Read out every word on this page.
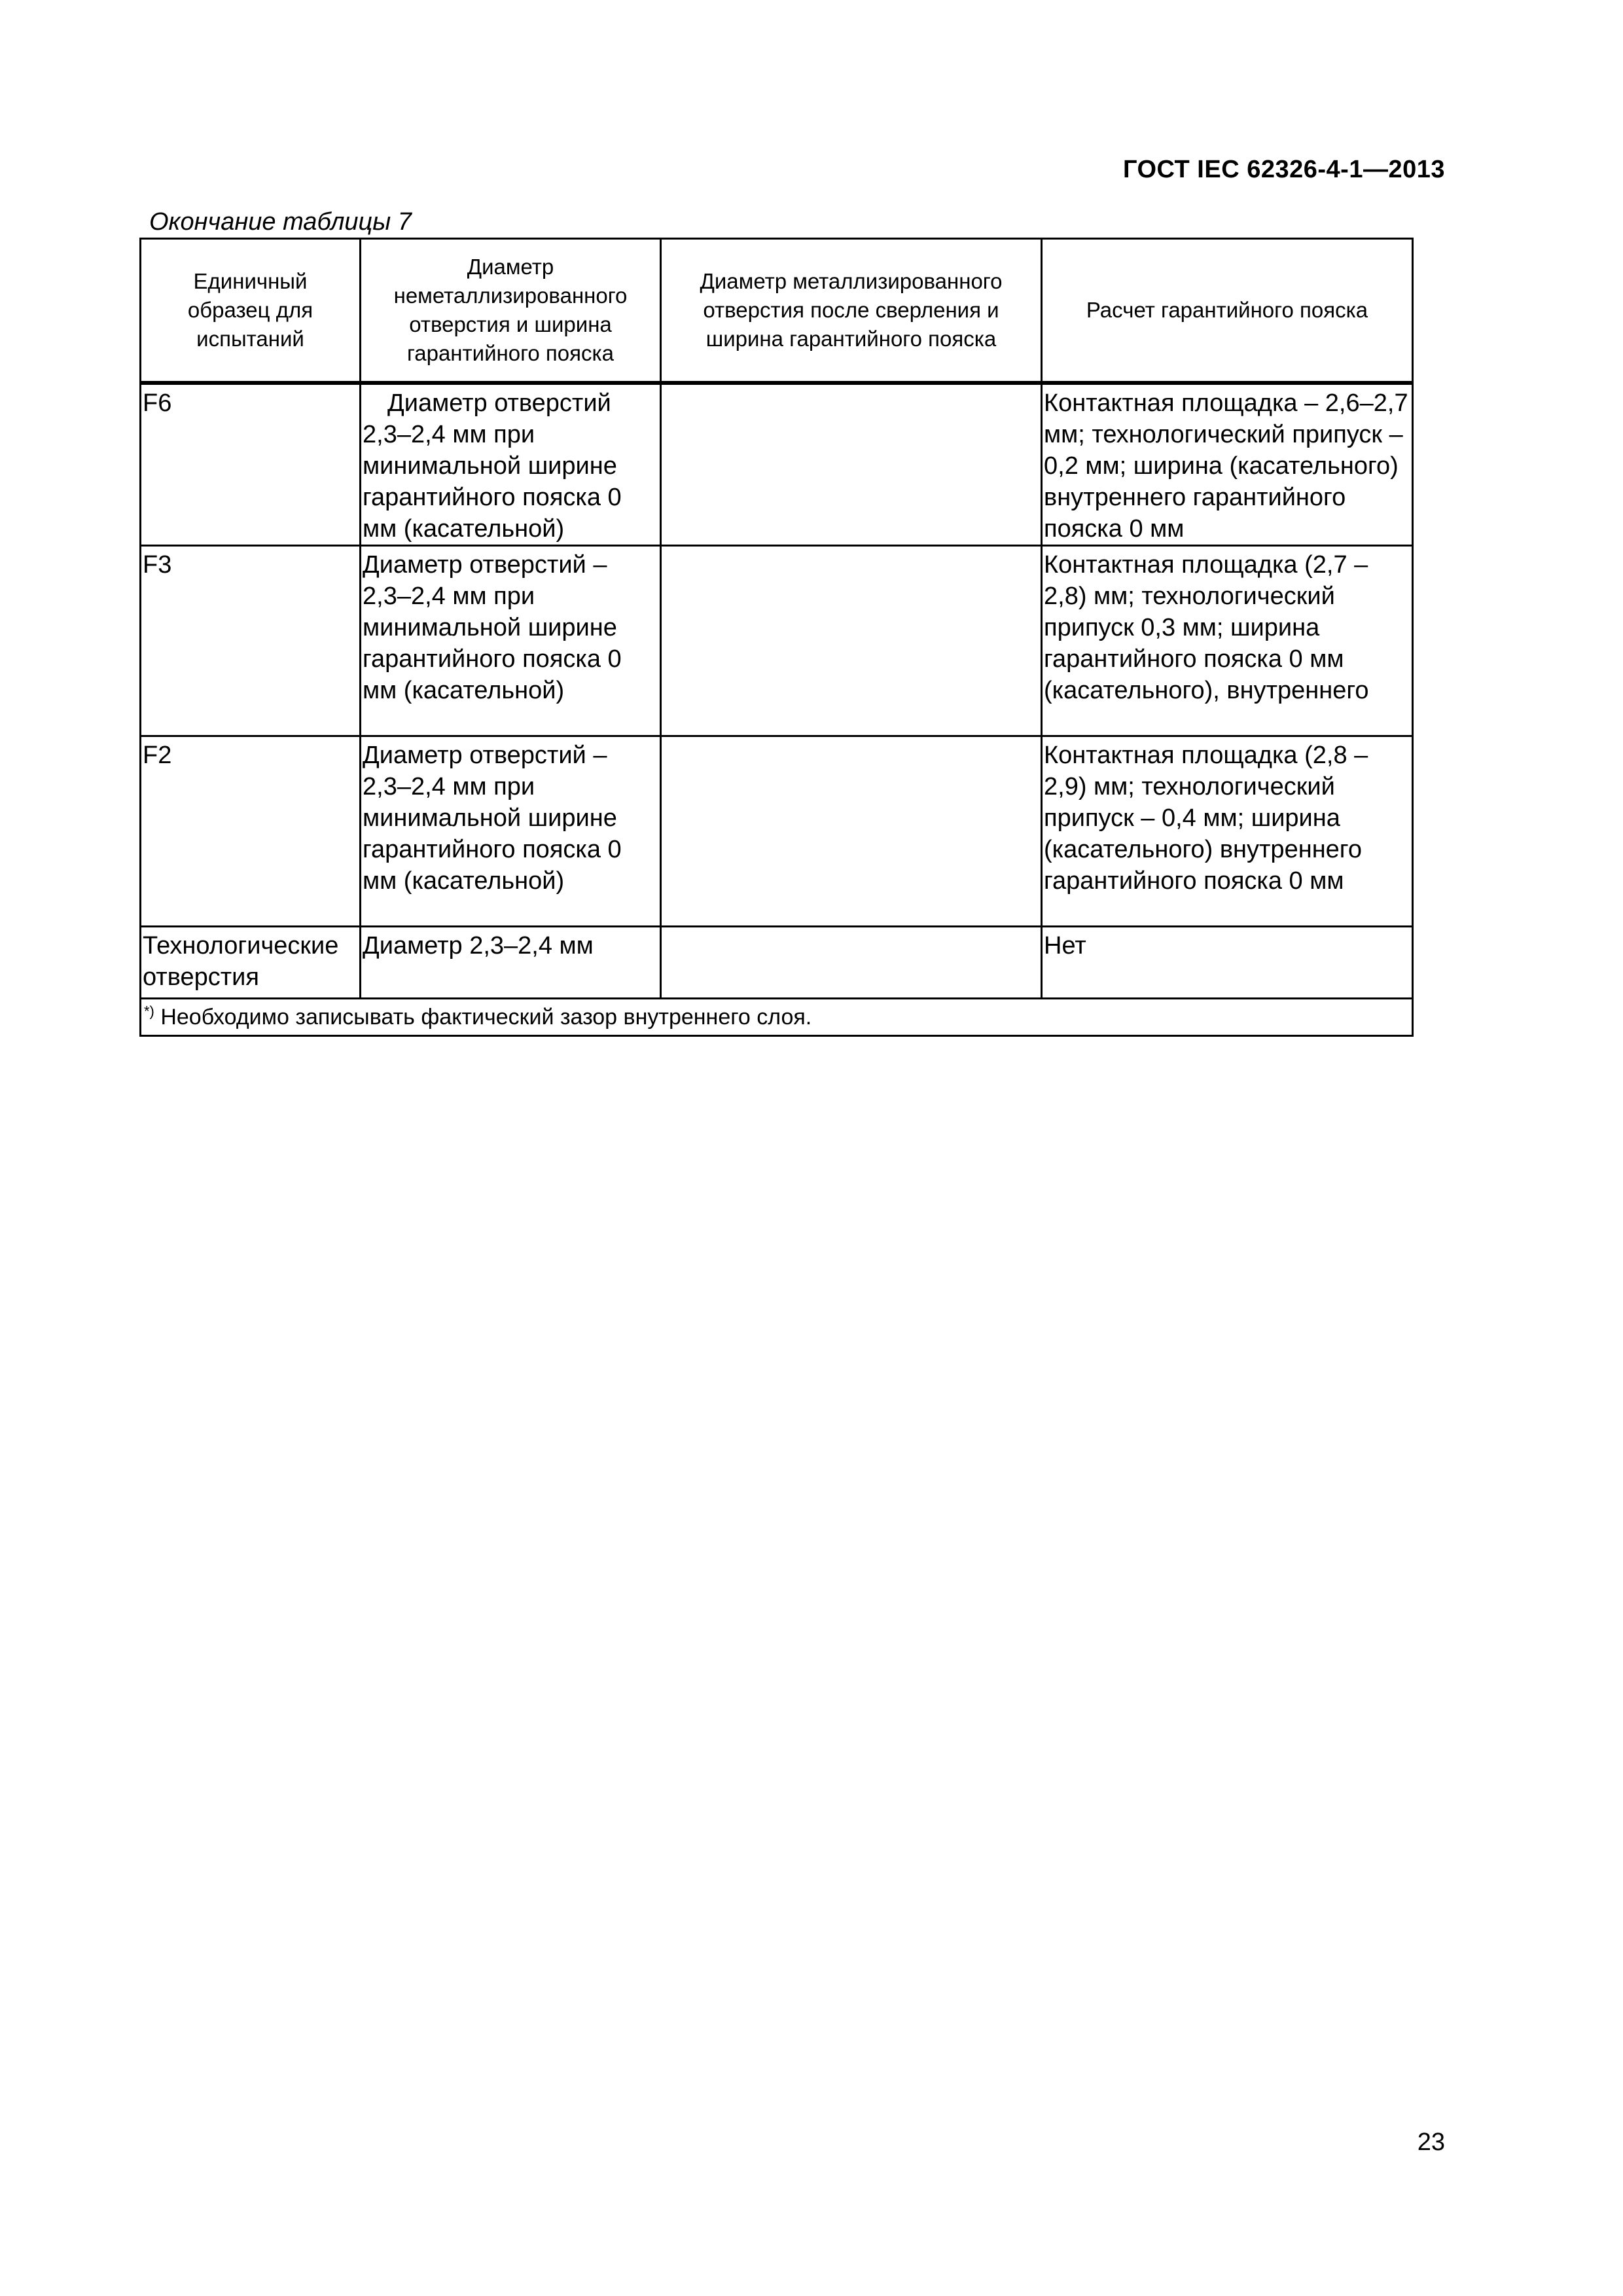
ГОСТ IEC 62326-4-1—2013
Окончание таблицы 7
Единичный образец для испытаний	Диаметр неметаллизированного отверстия и ширина гарантийного пояска	Диаметр металлизированного отверстия после сверления и ширина гарантийного пояска	Расчет гарантийного пояска
F6	Диаметр отверстий 2,3–2,4 мм при минимальной ширине гарантийного пояска 0 мм (касательной)		Контактная площадка – 2,6–2,7 мм; технологический припуск – 0,2 мм; ширина (касательного) внутреннего гарантийного пояска 0 мм
F3	Диаметр отверстий – 2,3–2,4 мм при минимальной ширине гарантийного пояска 0 мм (касательной)		Контактная площадка (2,7 – 2,8) мм; технологический припуск 0,3 мм; ширина гарантийного пояска 0 мм (касательного), внутреннего
F2	Диаметр отверстий – 2,3–2,4 мм при минимальной ширине гарантийного пояска 0 мм (касательной)		Контактная площадка (2,8 – 2,9) мм; технологический припуск – 0,4 мм; ширина (касательного) внутреннего гарантийного пояска 0 мм
Технологические отверстия	Диаметр 2,3–2,4 мм		Нет
*) Необходимо записывать фактический зазор внутреннего слоя.			
23
